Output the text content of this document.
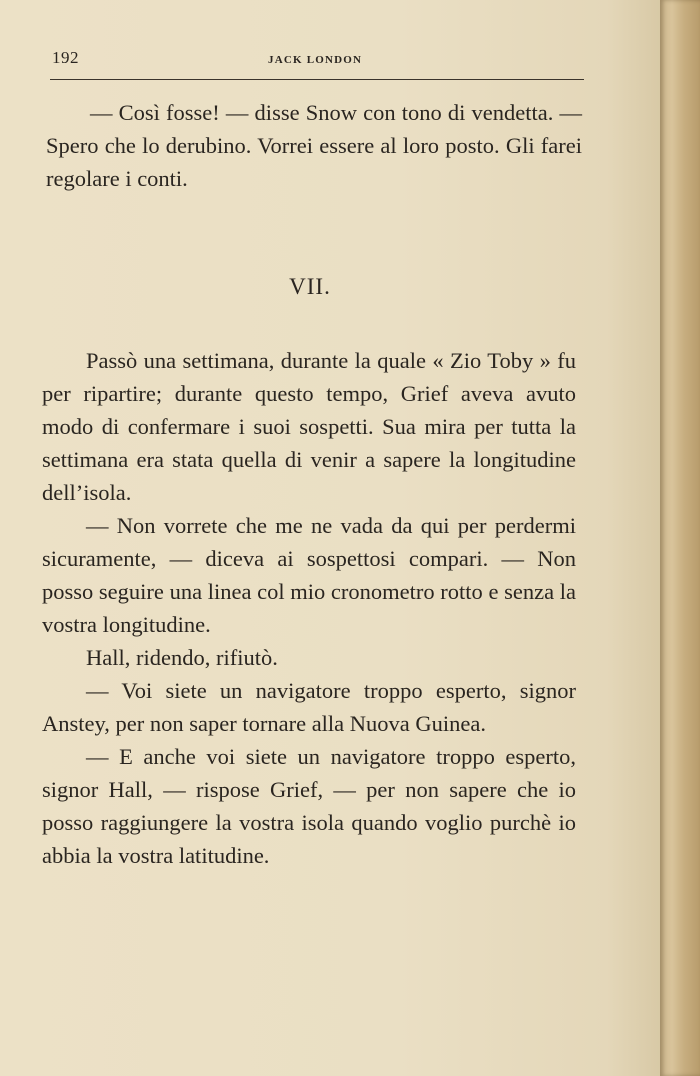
192	JACK LONDON

— Così fosse! — disse Snow con tono di vendetta. — Spero che lo derubino. Vorrei essere al loro posto. Gli farei regolare i conti.

VII.

Passò una settimana, durante la quale « Zio Toby » fu per ripartire; durante questo tempo, Grief aveva avuto modo di confermare i suoi sospetti. Sua mira per tutta la settimana era stata quella di venir a sapere la longitudine dell’isola.

— Non vorrete che me ne vada da qui per perdermi sicuramente, — diceva ai sospettosi compari. — Non posso seguire una linea col mio cronometro rotto e senza la vostra longitudine.

Hall, ridendo, rifiutò.

— Voi siete un navigatore troppo esperto, signor Anstey, per non saper tornare alla Nuova Guinea.

— E anche voi siete un navigatore troppo esperto, signor Hall, — rispose Grief, — per non sapere che io posso raggiungere la vostra isola quando voglio purchè io abbia la vostra latitudine.
